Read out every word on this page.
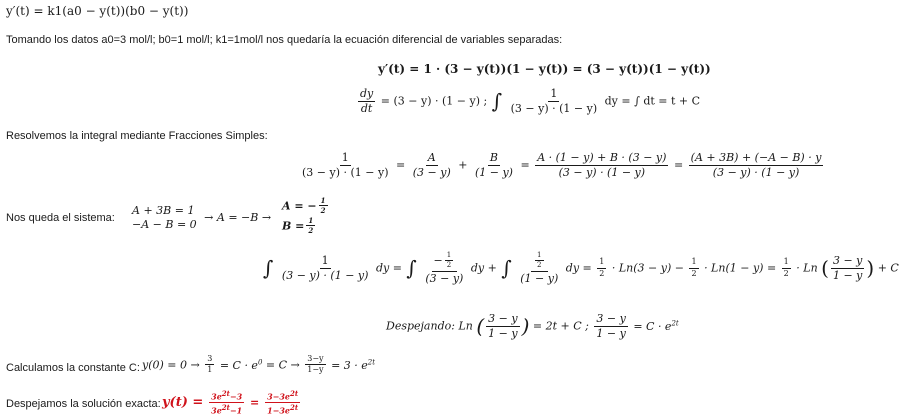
y′(t) = k1(a0 − y(t))(b0 − y(t))
Tomando los datos a0=3 mol/l; b0=1 mol/l; k1=1mol/l nos quedaría la ecuación diferencial de variables separadas:
y′(t) = 1 · (3 − y(t))(1 − y(t)) = (3 − y(t))(1 − y(t))
$\frac{dy}{dt} = (3 - y) \cdot (1 - y)$ ; ∫ $\frac{1}{(3 - y) \cdot (1 - y)}$ dy = ∫ dt = t + C
Resolvemos la integral mediante Fracciones Simples:
$\frac{1}{(3 - y) \cdot (1 - y)} = \frac{A}{(3 - y)} + \frac{B}{(1 - y)} = \frac{A \cdot (1 - y) + B \cdot (3 - y)}{(3 - y) \cdot (1 - y)} = \frac{(A + 3B) + (-A - B) \cdot y}{(3 - y) \cdot (1 - y)}$
Nos queda el sistema:
A + 3B = 1
−A − B = 0 → A = −B →
A = − $\frac{1}{2}$
$B = \frac{1}{2}$
∫ $\frac{1}{(3 - y) \cdot (1 - y)}$ dy = ∫ $\frac{- \frac{1}{2}}{(3 - y)}$ dy + ∫ $\frac{\frac{1}{2}}{(1 - y)}$ dy = $\frac{1}{2} \cdot Ln(3 - y) - \frac{1}{2} \cdot Ln(1 - y) = \frac{1}{2} \cdot Ln$ ( $\frac{3 - y}{1 - y}$ ) + C
Despejando: Ln ( $\frac{3 - y}{1 - y}$ ) = 2t + C ; $\frac{3 - y}{1 - y} = C \cdot e^{2t}$
Calculamos la constante C: $y(0) = 0 \to \frac{3}{1} = C \cdot e^0 = C \to \frac{3-y}{1-y} = 3 \cdot e^{2t}$
Despejamos la solución exacta: $y(t) = \frac{3e^{2t}-3}{3e^{2t}-1} = \frac{3-3e^{2t}}{1-3e^{2t}}$
